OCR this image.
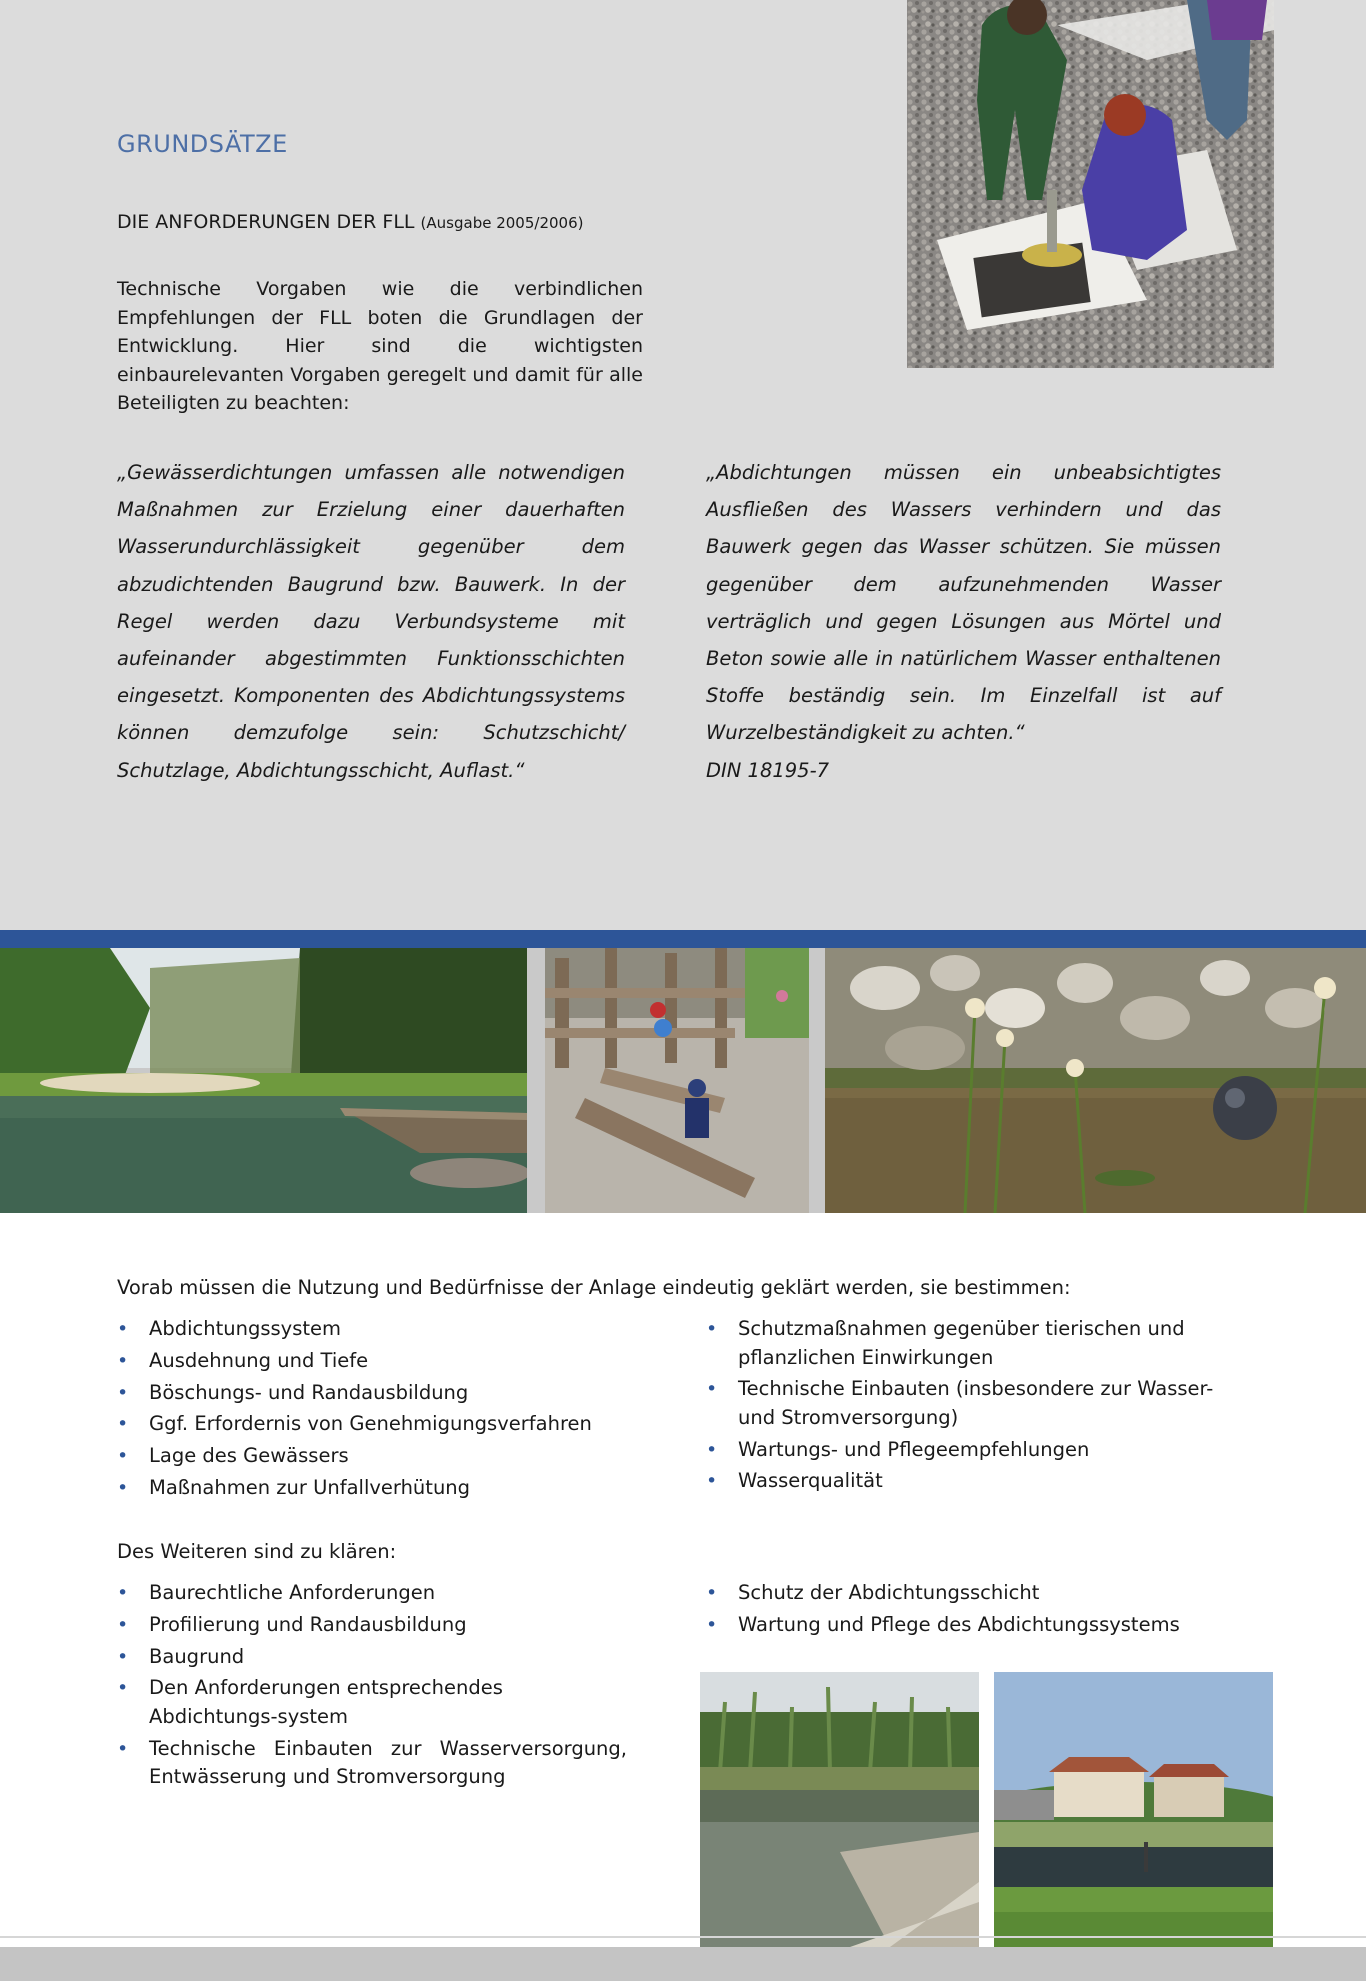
GRUNDSÄTZE
DIE ANFORDERUNGEN DER FLL (Ausgabe 2005/2006)

Technische Vorgaben wie die verbindlichen Empfehlungen der FLL boten die Grundlagen der Entwicklung. Hier sind die wichtigsten einbaurelevanten Vorgaben geregelt und damit für alle Beteiligten zu beachten:

„Gewässerdichtungen umfassen alle notwendigen Maßnahmen zur Erzielung einer dauerhaften Wasserundurchlässigkeit gegenüber dem abzudichtenden Baugrund bzw. Bauwerk. In der Regel werden dazu Verbundsysteme mit aufeinander abgestimmten Funktionsschichten eingesetzt. Komponenten des Abdichtungssystems können demzufolge sein: Schutzschicht/ Schutzlage, Abdichtungsschicht, Auflast.“

„Abdichtungen müssen ein unbeabsichtigtes Ausfließen des Wassers verhindern und das Bauwerk gegen das Wasser schützen. Sie müssen gegenüber dem aufzunehmenden Wasser verträglich und gegen Lösungen aus Mörtel und Beton sowie alle in natürlichem Wasser enthaltenen Stoffe beständig sein. Im Einzelfall ist auf Wurzelbeständigkeit zu achten.“
DIN 18195-7

Vorab müssen die Nutzung und Bedürfnisse der Anlage eindeutig geklärt werden, sie bestimmen:

• Abdichtungssystem
• Ausdehnung und Tiefe
• Böschungs- und Randausbildung
• Ggf. Erfordernis von Genehmigungsverfahren
• Lage des Gewässers
• Maßnahmen zur Unfallverhütung
• Schutzmaßnahmen gegenüber tierischen und pflanzlichen Einwirkungen
• Technische Einbauten (insbesondere zur Wasser- und Stromversorgung)
• Wartungs- und Pflegeempfehlungen
• Wasserqualität

Des Weiteren sind zu klären:

• Baurechtliche Anforderungen
• Profilierung und Randausbildung
• Baugrund
• Den Anforderungen entsprechendes Abdichtungs-system
• Technische Einbauten zur Wasserversorgung, Entwässerung und Stromversorgung
• Schutz der Abdichtungsschicht
• Wartung und Pflege des Abdichtungssystems
